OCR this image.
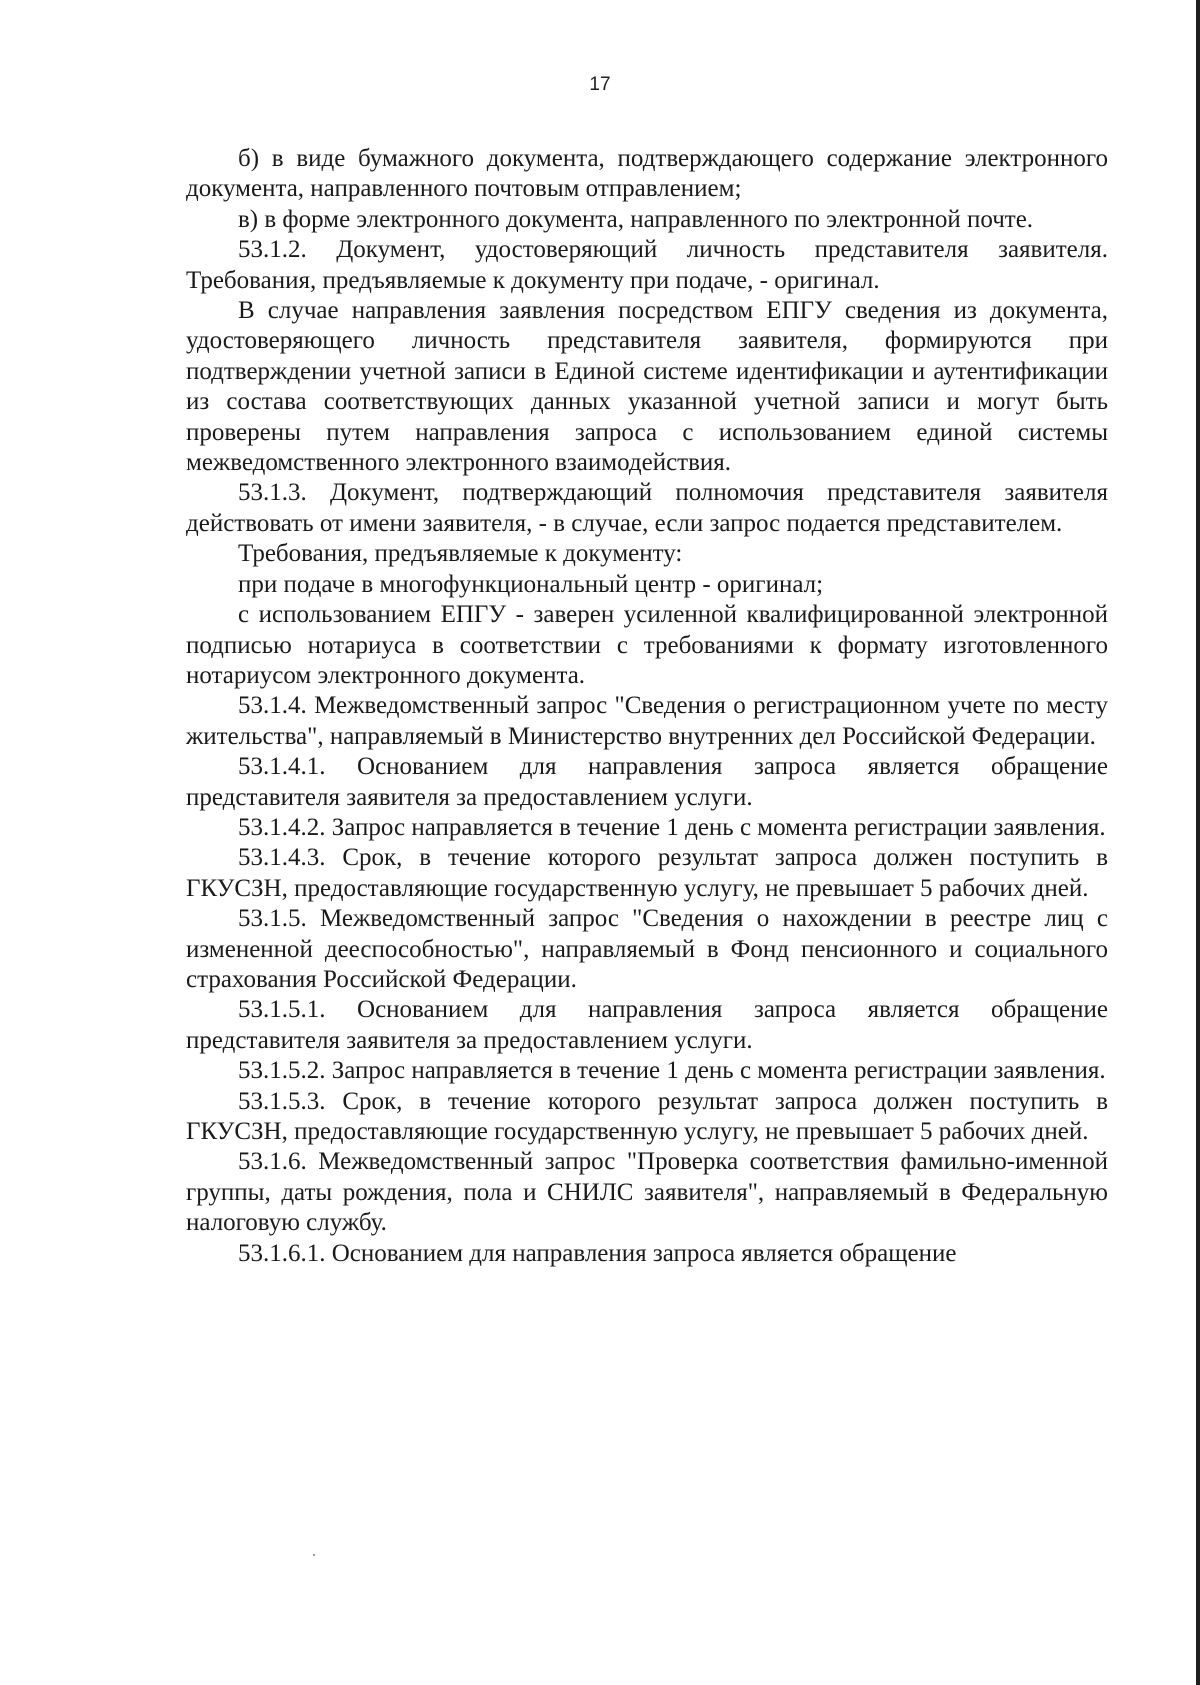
17

б) в виде бумажного документа, подтверждающего содержание электронного документа, направленного почтовым отправлением;

в) в форме электронного документа, направленного по электронной почте.

53.1.2. Документ, удостоверяющий личность представителя заявителя. Требования, предъявляемые к документу при подаче, - оригинал.

В случае направления заявления посредством ЕПГУ сведения из документа, удостоверяющего личность представителя заявителя, формируются при подтверждении учетной записи в Единой системе идентификации и аутентификации из состава соответствующих данных указанной учетной записи и могут быть проверены путем направления запроса с использованием единой системы межведомственного электронного взаимодействия.

53.1.3. Документ, подтверждающий полномочия представителя заявителя действовать от имени заявителя, - в случае, если запрос подается представителем.

Требования, предъявляемые к документу:

при подаче в многофункциональный центр - оригинал;

с использованием ЕПГУ - заверен усиленной квалифицированной электронной подписью нотариуса в соответствии с требованиями к формату изготовленного нотариусом электронного документа.

53.1.4. Межведомственный запрос "Сведения о регистрационном учете по месту жительства", направляемый в Министерство внутренних дел Российской Федерации.

53.1.4.1. Основанием для направления запроса является обращение представителя заявителя за предоставлением услуги.

53.1.4.2. Запрос направляется в течение 1 день с момента регистрации заявления.

53.1.4.3. Срок, в течение которого результат запроса должен поступить в ГКУСЗН, предоставляющие государственную услугу, не превышает 5 рабочих дней.

53.1.5. Межведомственный запрос "Сведения о нахождении в реестре лиц с измененной дееспособностью", направляемый в Фонд пенсионного и социального страхования Российской Федерации.

53.1.5.1. Основанием для направления запроса является обращение представителя заявителя за предоставлением услуги.

53.1.5.2. Запрос направляется в течение 1 день с момента регистрации заявления.

53.1.5.3. Срок, в течение которого результат запроса должен поступить в ГКУСЗН, предоставляющие государственную услугу, не превышает 5 рабочих дней.

53.1.6. Межведомственный запрос "Проверка соответствия фамильно-именной группы, даты рождения, пола и СНИЛС заявителя", направляемый в Федеральную налоговую службу.

53.1.6.1. Основанием для направления запроса является обращение
